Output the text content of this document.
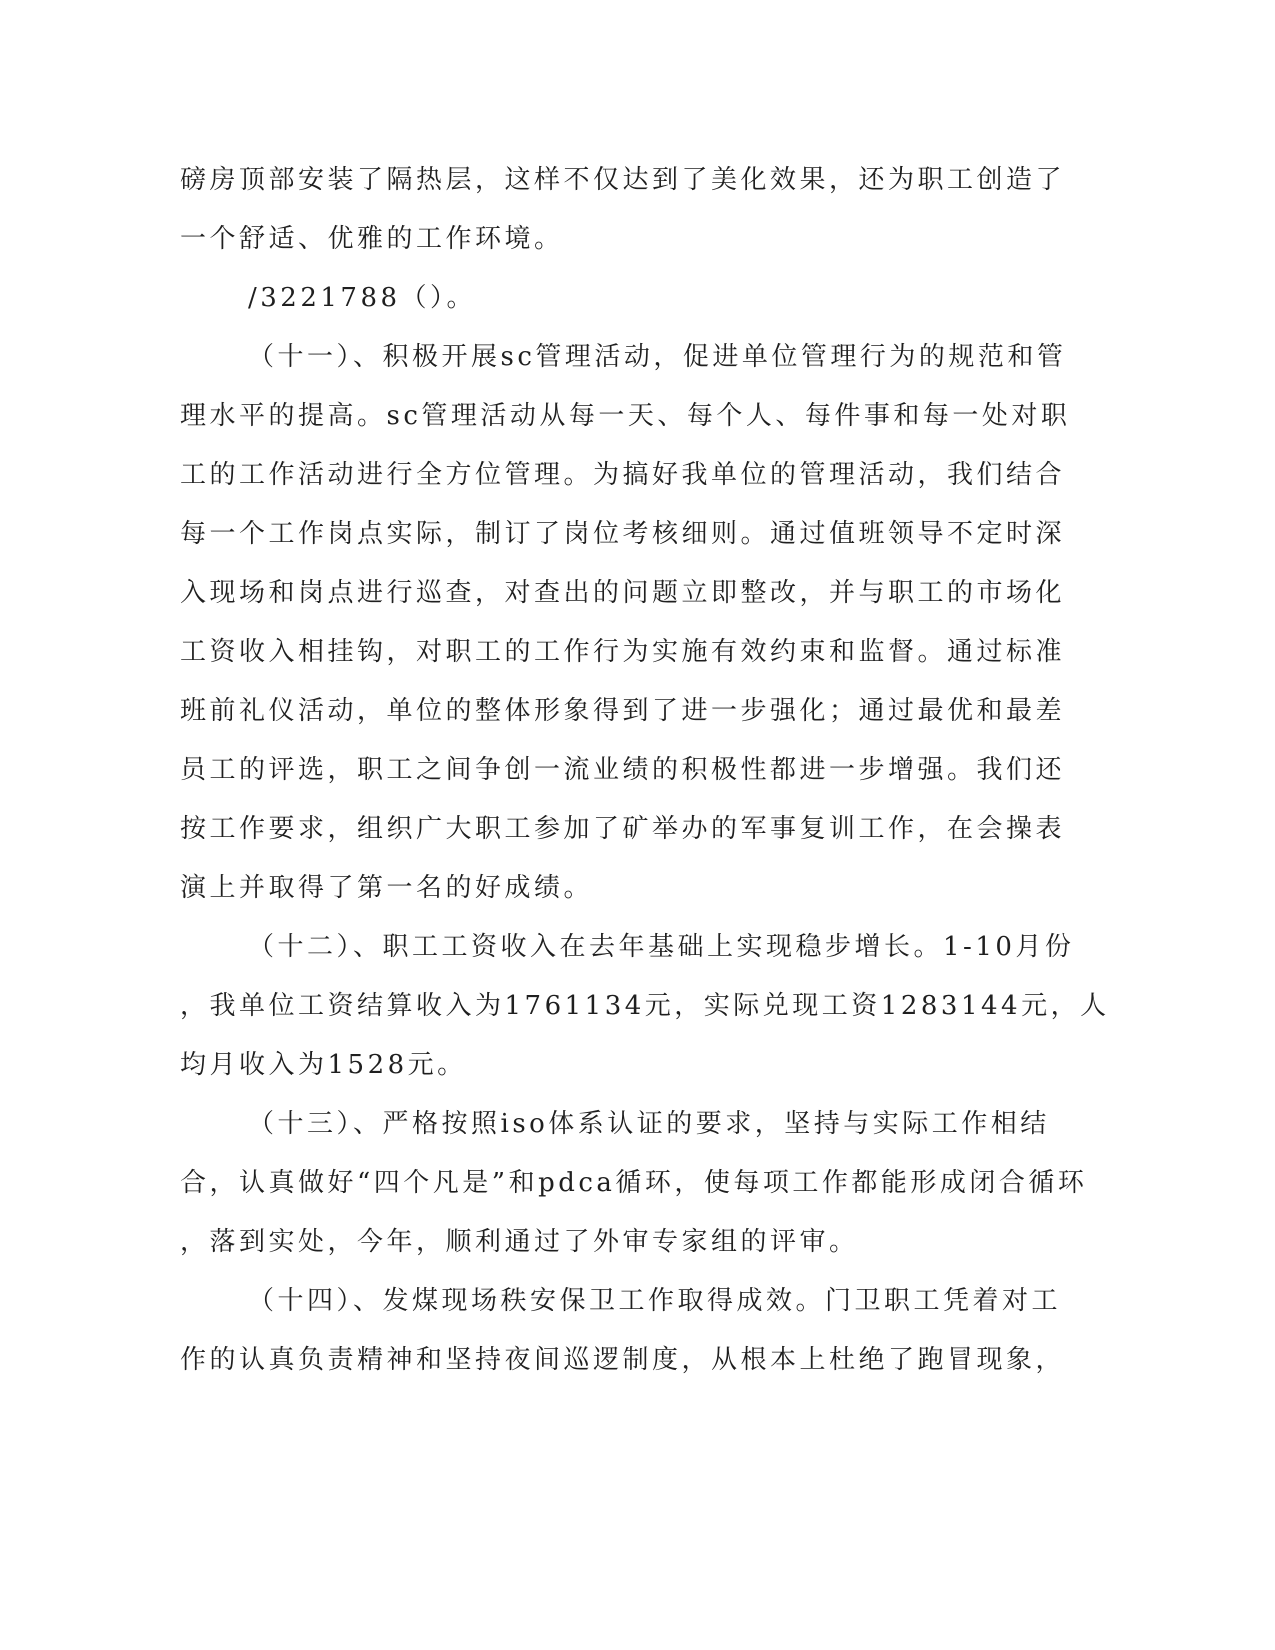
磅房顶部安装了隔热层，这样不仅达到了美化效果，还为职工创造了
一个舒适、优雅的工作环境。
/3221788（）。
（十一）、积极开展sc管理活动，促进单位管理行为的规范和管
理水平的提高。sc管理活动从每一天、每个人、每件事和每一处对职
工的工作活动进行全方位管理。为搞好我单位的管理活动，我们结合
每一个工作岗点实际，制订了岗位考核细则。通过值班领导不定时深
入现场和岗点进行巡查，对查出的问题立即整改，并与职工的市场化
工资收入相挂钩，对职工的工作行为实施有效约束和监督。通过标准
班前礼仪活动，单位的整体形象得到了进一步强化；通过最优和最差
员工的评选，职工之间争创一流业绩的积极性都进一步增强。我们还
按工作要求，组织广大职工参加了矿举办的军事复训工作，在会操表
演上并取得了第一名的好成绩。
（十二）、职工工资收入在去年基础上实现稳步增长。1-10月份
，我单位工资结算收入为1761134元，实际兑现工资1283144元，人
均月收入为1528元。
（十三）、严格按照iso体系认证的要求，坚持与实际工作相结
合，认真做好“四个凡是”和pdca循环，使每项工作都能形成闭合循环
，落到实处，今年，顺利通过了外审专家组的评审。
（十四）、发煤现场秩安保卫工作取得成效。门卫职工凭着对工
作的认真负责精神和坚持夜间巡逻制度，从根本上杜绝了跑冒现象，
